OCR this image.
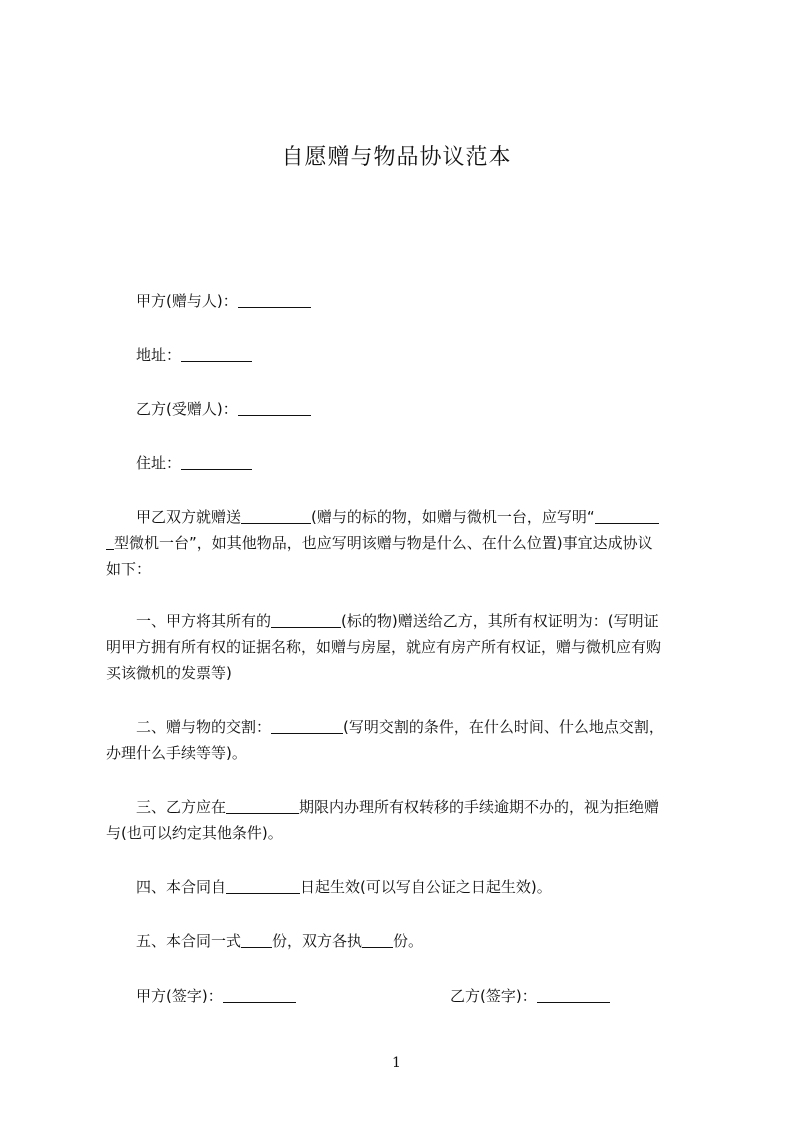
自愿赠与物品协议范本
甲方(赠与人)：
地址：
乙方(受赠人)：
住址：
甲乙双方就赠送	(赠与的标的物，如赠与微机一台，应写明“
型微机一台”，如其他物品，也应写明该赠与物是什么、在什么位置)事宜达成协议
如下：
一、甲方将其所有的	(标的物)赠送给乙方，其所有权证明为：(写明证
明甲方拥有所有权的证据名称，如赠与房屋，就应有房产所有权证，赠与微机应有购
买该微机的发票等)
二、赠与物的交割：	(写明交割的条件，在什么时间、什么地点交割，
办理什么手续等等)。
三、乙方应在	期限内办理所有权转移的手续逾期不办的，视为拒绝赠
与(也可以约定其他条件)。
四、本合同自	日起生效(可以写自公证之日起生效)。
五、本合同一式 份，双方各执 份。
甲方(签字)：	乙方(签字)：
1
